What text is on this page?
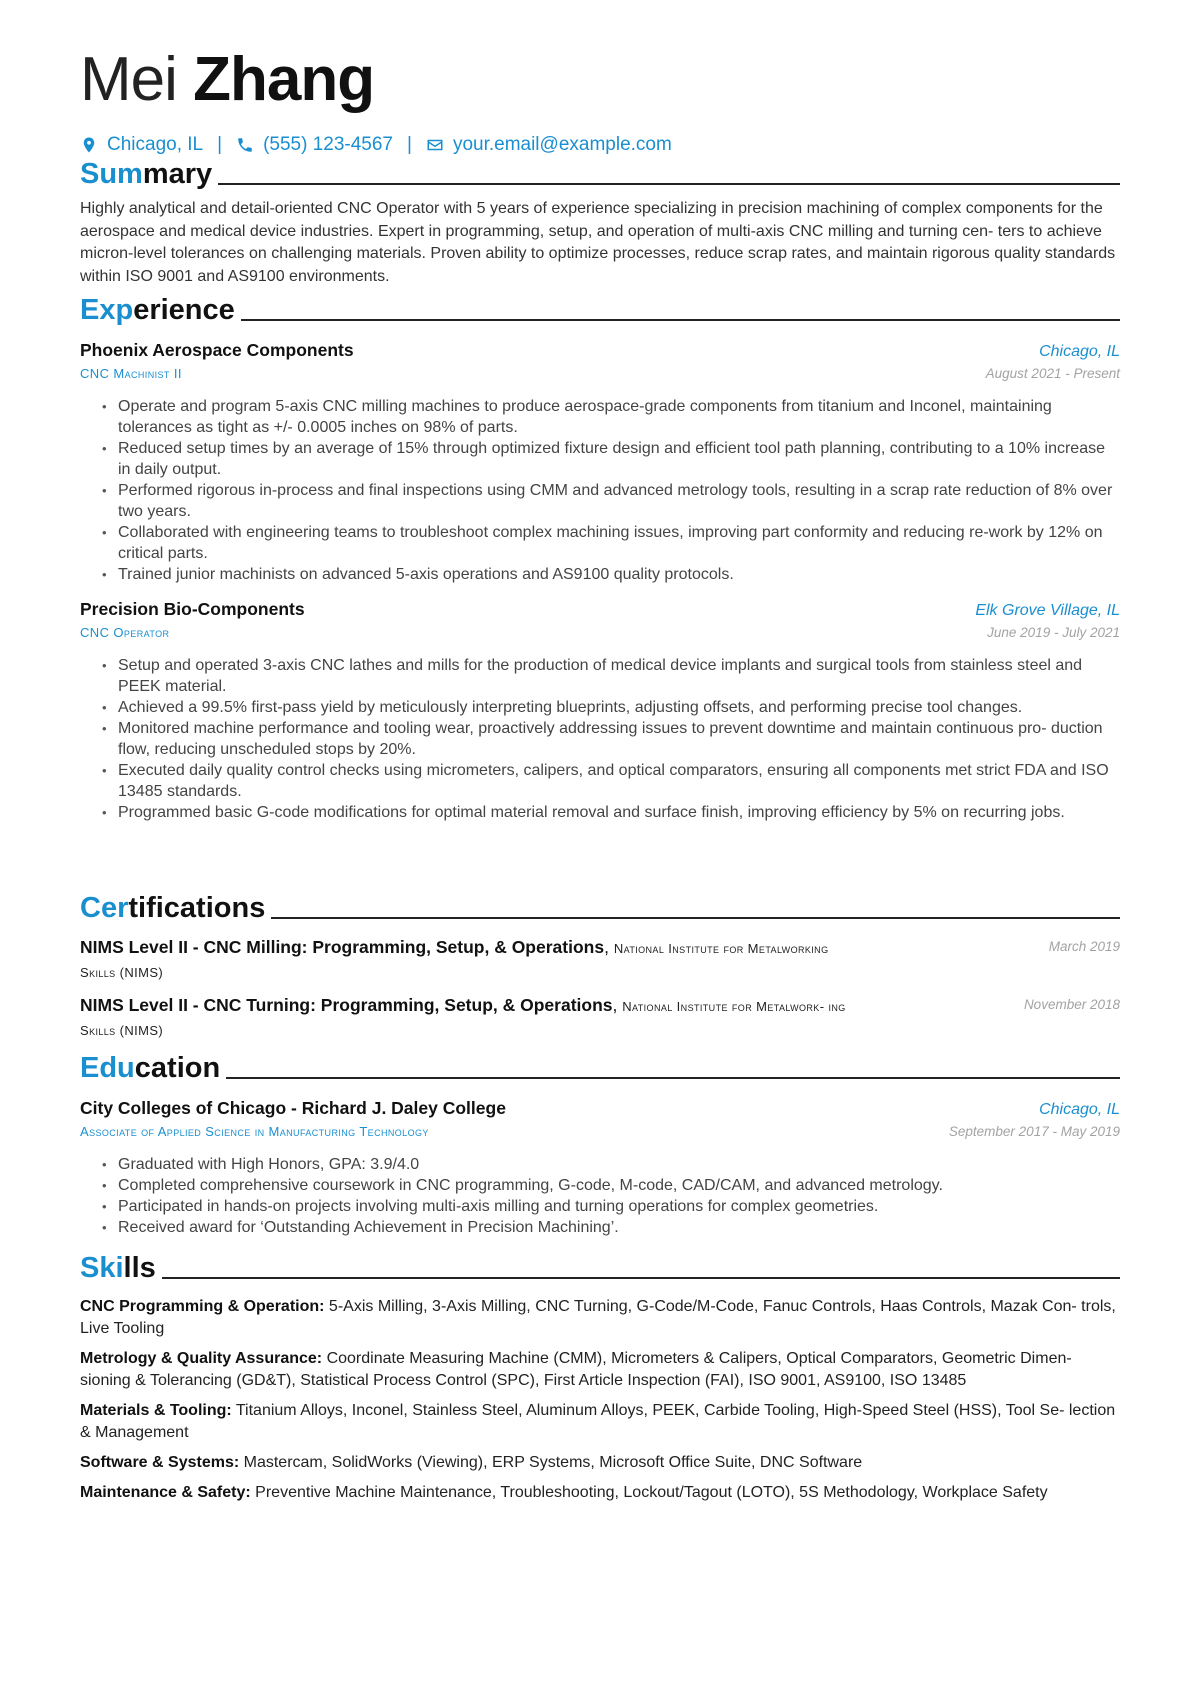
Mei Zhang
Chicago, IL | (555) 123-4567 | your.email@example.com
Summary
Highly analytical and detail-oriented CNC Operator with 5 years of experience specializing in precision machining of complex components for the aerospace and medical device industries. Expert in programming, setup, and operation of multi-axis CNC milling and turning cen- ters to achieve micron-level tolerances on challenging materials. Proven ability to optimize processes, reduce scrap rates, and maintain rigorous quality standards within ISO 9001 and AS9100 environments.
Experience
Phoenix Aerospace Components	Chicago, IL
CNC Machinist II	August 2021 - Present
• Operate and program 5-axis CNC milling machines to produce aerospace-grade components from titanium and Inconel, maintaining tolerances as tight as +/- 0.0005 inches on 98% of parts.
• Reduced setup times by an average of 15% through optimized fixture design and efficient tool path planning, contributing to a 10% increase in daily output.
• Performed rigorous in-process and final inspections using CMM and advanced metrology tools, resulting in a scrap rate reduction of 8% over two years.
• Collaborated with engineering teams to troubleshoot complex machining issues, improving part conformity and reducing re-work by 12% on critical parts.
• Trained junior machinists on advanced 5-axis operations and AS9100 quality protocols.
Precision Bio-Components	Elk Grove Village, IL
CNC Operator	June 2019 - July 2021
• Setup and operated 3-axis CNC lathes and mills for the production of medical device implants and surgical tools from stainless steel and PEEK material.
• Achieved a 99.5% first-pass yield by meticulously interpreting blueprints, adjusting offsets, and performing precise tool changes.
• Monitored machine performance and tooling wear, proactively addressing issues to prevent downtime and maintain continuous pro- duction flow, reducing unscheduled stops by 20%.
• Executed daily quality control checks using micrometers, calipers, and optical comparators, ensuring all components met strict FDA and ISO 13485 standards.
• Programmed basic G-code modifications for optimal material removal and surface finish, improving efficiency by 5% on recurring jobs.
Certifications
NIMS Level II - CNC Milling: Programming, Setup, & Operations, National Institute for Metalworking Skills (NIMS)
March 2019
NIMS Level II - CNC Turning: Programming, Setup, & Operations, National Institute for Metalwork- ing Skills (NIMS)
November 2018
Education
City Colleges of Chicago - Richard J. Daley College	Chicago, IL
Associate of Applied Science in Manufacturing Technology	September 2017 - May 2019
• Graduated with High Honors, GPA: 3.9/4.0
• Completed comprehensive coursework in CNC programming, G-code, M-code, CAD/CAM, and advanced metrology.
• Participated in hands-on projects involving multi-axis milling and turning operations for complex geometries.
• Received award for ‘Outstanding Achievement in Precision Machining’.
Skills
CNC Programming & Operation: 5-Axis Milling, 3-Axis Milling, CNC Turning, G-Code/M-Code, Fanuc Controls, Haas Controls, Mazak Con- trols, Live Tooling
Metrology & Quality Assurance: Coordinate Measuring Machine (CMM), Micrometers & Calipers, Optical Comparators, Geometric Dimen- sioning & Tolerancing (GD&T), Statistical Process Control (SPC), First Article Inspection (FAI), ISO 9001, AS9100, ISO 13485
Materials & Tooling: Titanium Alloys, Inconel, Stainless Steel, Aluminum Alloys, PEEK, Carbide Tooling, High-Speed Steel (HSS), Tool Se- lection & Management
Software & Systems: Mastercam, SolidWorks (Viewing), ERP Systems, Microsoft Office Suite, DNC Software
Maintenance & Safety: Preventive Machine Maintenance, Troubleshooting, Lockout/Tagout (LOTO), 5S Methodology, Workplace Safety
